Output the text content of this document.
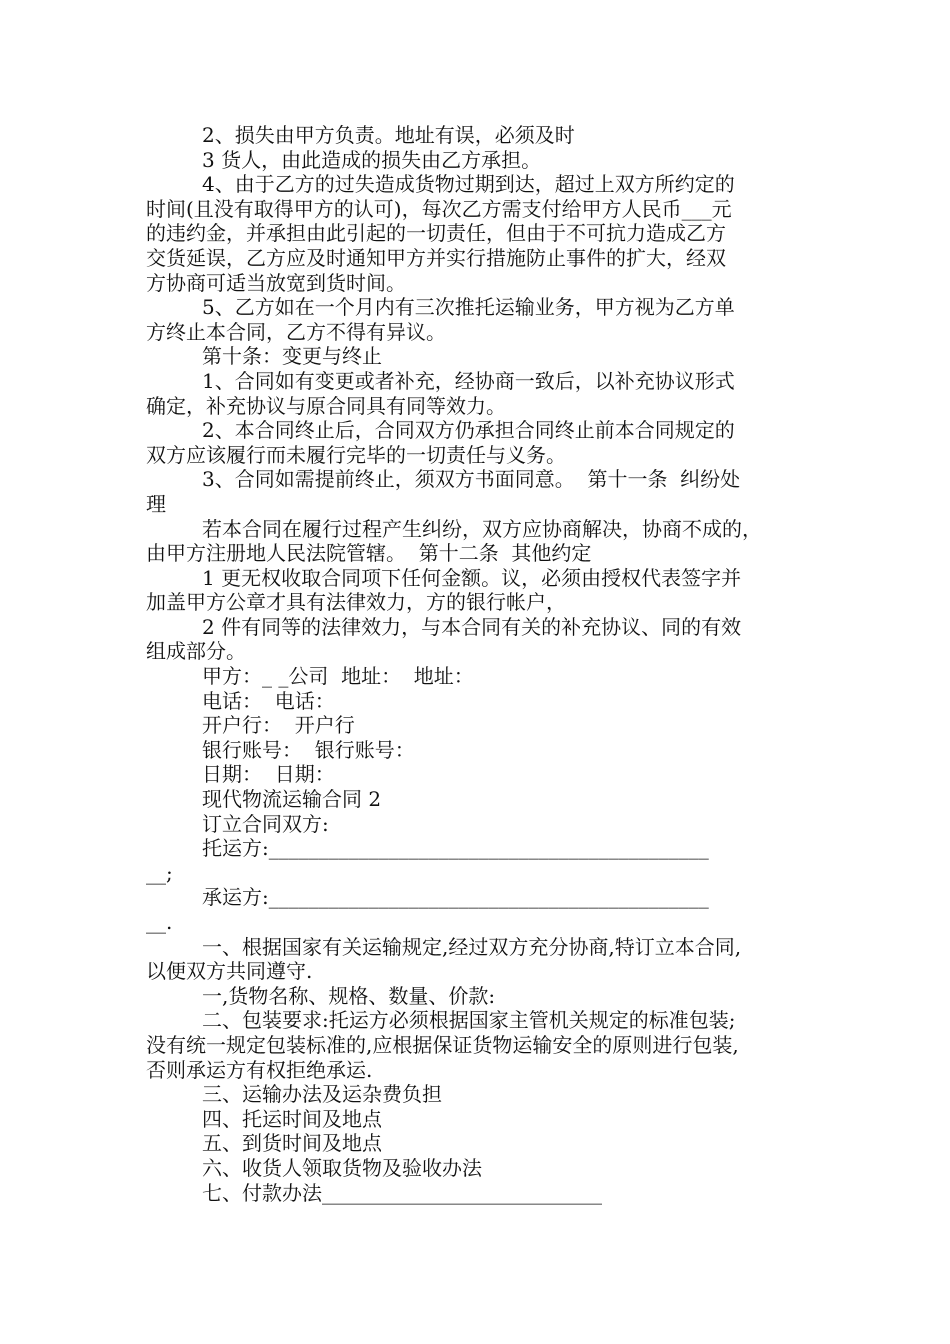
2、损失由甲方负责。地址有误，必须及时
3 货人，由此造成的损失由乙方承担。
4、由于乙方的过失造成货物过期到达，超过上双方所约定的
时间(且没有取得甲方的认可)，每次乙方需支付给甲方人民币___元
的违约金，并承担由此引起的一切责任，但由于不可抗力造成乙方
交货延误，乙方应及时通知甲方并实行措施防止事件的扩大，经双
方协商可适当放宽到货时间。
5、乙方如在一个月内有三次推托运输业务，甲方视为乙方单
方终止本合同，乙方不得有异议。
第十条：变更与终止
1、合同如有变更或者补充，经协商一致后，以补充协议形式
确定，补充协议与原合同具有同等效力。
2、本合同终止后，合同双方仍承担合同终止前本合同规定的
双方应该履行而未履行完毕的一切责任与义务。
3、合同如需提前终止，须双方书面同意。  第十一条  纠纷处
理
若本合同在履行过程产生纠纷，双方应协商解决，协商不成的，
由甲方注册地人民法院管辖。  第十二条  其他约定
1 更无权收取合同项下任何金额。议，必须由授权代表签字并
加盖甲方公章才具有法律效力，方的银行帐户，
2 件有同等的法律效力，与本合同有关的补充协议、同的有效
组成部分。
甲方：_ _公司  地址：  地址：
电话：  电话：
开户行：  开户行
银行账号：  银行账号：
日期：  日期：
现代物流运输合同 2
订立合同双方:
托运方:____________________________________________
__;
承运方:____________________________________________
__.
一、根据国家有关运输规定,经过双方充分协商,特订立本合同,
以便双方共同遵守.
一,货物名称、规格、数量、价款:
二、包装要求:托运方必须根据国家主管机关规定的标准包装;
没有统一规定包装标准的,应根据保证货物运输安全的原则进行包装,
否则承运方有权拒绝承运.
三、运输办法及运杂费负担
四、托运时间及地点
五、到货时间及地点
六、收货人领取货物及验收办法
七、付款办法____________________________
